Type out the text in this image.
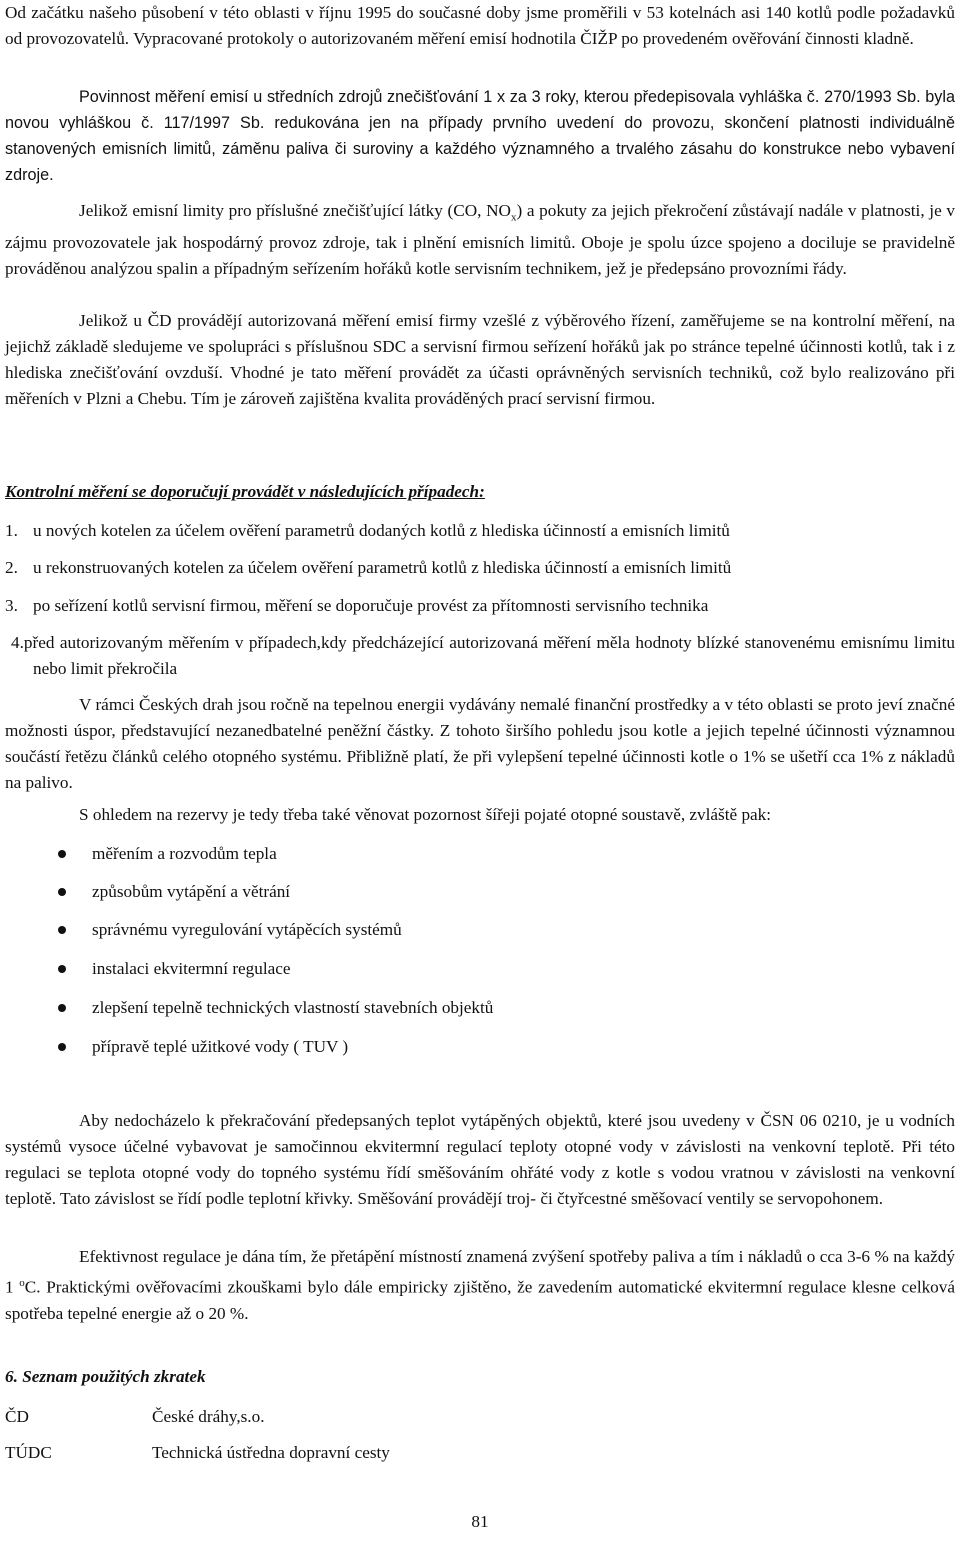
Od začátku našeho působení v této oblasti v říjnu 1995 do současné doby jsme proměřili v 53 kotelnách asi 140 kotlů podle požadavků od provozovatelů. Vypracované protokoly o autorizovaném měření emisí hodnotila ČIŽP po provedeném ověřování činnosti kladně.

Povinnost měření emisí u středních zdrojů znečišťování 1 x za 3 roky, kterou předepisovala vyhláška č. 270/1993 Sb. byla novou vyhláškou č. 117/1997 Sb. redukována jen na případy prvního uvedení do provozu, skončení platnosti individuálně stanovených emisních limitů, záměnu paliva či suroviny a každého významného a trvalého zásahu do konstrukce nebo vybavení zdroje.

Jelikož emisní limity pro příslušné znečišťující látky (CO, $NO_x$) a pokuty za jejich překročení zůstávají nadále v platnosti, je v zájmu provozovatele jak hospodárný provoz zdroje, tak i plnění emisních limitů. Oboje je spolu úzce spojeno a dociluje se pravidelně prováděnou analýzou spalin a případným seřízením hořáků kotle servisním technikem, jež je předepsáno provozními řády.

Jelikož u ČD provádějí autorizovaná měření emisí firmy vzešlé z výběrového řízení, zaměřujeme se na kontrolní měření, na jejichž základě sledujeme ve spolupráci s příslušnou SDC a servisní firmou seřízení hořáků jak po stránce tepelné účinnosti kotlů, tak i z hlediska znečišťování ovzduší. Vhodné je tato měření provádět za účasti oprávněných servisních techniků, což bylo realizováno při měřeních v Plzni a Chebu. Tím je zároveň zajištěna kvalita prováděných prací servisní firmou.

Kontrolní měření se doporučují provádět v následujících případech:

1. u nových kotelen za účelem ověření parametrů dodaných kotlů z hlediska účinností a emisních limitů

2. u rekonstruovaných kotelen za účelem ověření parametrů kotlů z hlediska účinností a emisních limitů

3. po seřízení kotlů servisní firmou, měření se doporučuje provést za přítomnosti servisního technika

4.před autorizovaným měřením v případech,kdy předcházející autorizovaná měření měla hodnoty blízké stanovenému emisnímu limitu nebo limit překročila

V rámci Českých drah jsou ročně na tepelnou energii vydávány nemalé finanční prostředky a v této oblasti se proto jeví značné možnosti úspor, představující nezanedbatelné peněžní částky. Z tohoto širšího pohledu jsou kotle a jejich tepelné účinnosti významnou součástí řetězu článků celého otopného systému. Přibližně platí, že při vylepšení tepelné účinnosti kotle o 1% se ušetří cca 1% z nákladů na palivo.

S ohledem na rezervy je tedy třeba také věnovat pozornost šířeji pojaté otopné soustavě, zvláště pak:

měřením a rozvodům tepla
způsobům vytápění a větrání
správnému vyregulování vytápěcích systémů
instalaci ekvitermní regulace
zlepšení tepelně technických vlastností stavebních objektů
přípravě teplé užitkové vody ( TUV )

Aby nedocházelo k překračování předepsaných teplot vytápěných objektů, které jsou uvedeny v ČSN 06 0210, je u vodních systémů vysoce účelné vybavovat je samočinnou ekvitermní regulací teploty otopné vody v závislosti na venkovní teplotě. Při této regulaci se teplota otopné vody do topného systému řídí směšováním ohřáté vody z kotle s vodou vratnou v závislosti na venkovní teplotě. Tato závislost se řídí podle teplotní křivky. Směšování provádějí troj- či čtyřcestné směšovací ventily se servopohonem.

Efektivnost regulace je dána tím, že přetápění místností znamená zvýšení spotřeby paliva a tím i nákladů o cca 3-6 % na každý 1 $^o$C. Praktickými ověřovacími zkouškami bylo dále empiricky zjištěno, že zavedením automatické ekvitermní regulace klesne celková spotřeba tepelné energie až o 20 %.

6. Seznam použitých zkratek

ČD	České dráhy,s.o.
TÚDC	Technická ústředna dopravní cesty
81
